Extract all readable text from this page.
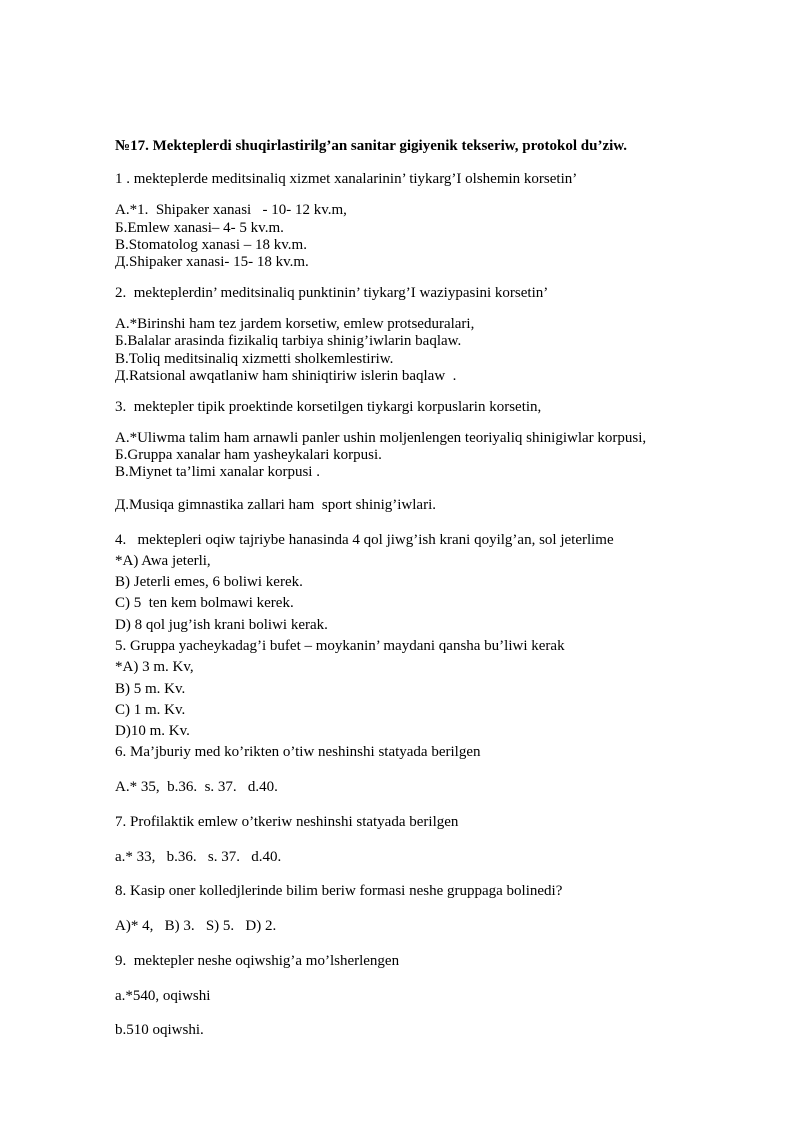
№17. Mekteplerdi shuqirlastirilg’an sanitar gigiyenik tekseriw, protokol du’ziw.
1 . mekteplerde meditsinaliq xizmet xanalarinin’ tiykarg’I olshemin korsetin’
A.*1.  Shipaker xanasi   - 10- 12 kv.m,
Б.Emlew xanasi– 4- 5 kv.m.
B.Stomatolog xanasi – 18 kv.m.
Д.Shipaker xanasi- 15- 18 kv.m.
2.  mekteplerdin’ meditsinaliq punktinin’ tiykarg’I waziypasini korsetin’
A.*Birinshi ham tez jardem korsetiw, emlew protseduralari,
Б.Balalar arasinda fizikaliq tarbiya shinig’iwlarin baqlaw.
B.Toliq meditsinaliq xizmetti sholkemlestiriw.
Д.Ratsional awqatlaniw ham shiniqtiriw islerin baqlaw  .
3.  mektepler tipik proektinde korsetilgen tiykargi korpuslarin korsetin,
A.*Uliwma talim ham arnawli panler ushin moljenlengen teoriyaliq shinigiwlar korpusi,
Б.Gruppa xanalar ham yasheykalari korpusi.
B.Miynet ta’limi xanalar korpusi .
Д.Musiqa gimnastika zallari ham  sport shinig’iwlari.
4.   mektepleri oqiw tajriybe hanasinda 4 qol jiwg’ish krani qoyilg’an, sol jeterlime
*A) Awa jeterli,
B) Jeterli emes, 6 boliwi kerek.
C) 5  ten kem bolmawi kerek.
D) 8 qol jug’ish krani boliwi kerak.
5. Gruppa yacheykadag’i bufet – moykanin’ maydani qansha bu’liwi kerak
*A) 3 m. Kv,
B) 5 m. Kv.
C) 1 m. Kv.
D)10 m. Kv.
6. Ma’jburiy med ko’rikten o’tiw neshinshi statyada berilgen
A.* 35,  b.36.  s. 37.   d.40.
7. Profilaktik emlew o’tkeriw neshinshi statyada berilgen
a.* 33,   b.36.   s. 37.   d.40.
8. Kasip oner kolledjlerinde bilim beriw formasi neshe gruppaga bolinedi?
A)* 4,   B) 3.   S) 5.   D) 2.
9.  mektepler neshe oqiwshig’a mo’lsherlengen
a.*540, oqiwshi
b.510 oqiwshi.
